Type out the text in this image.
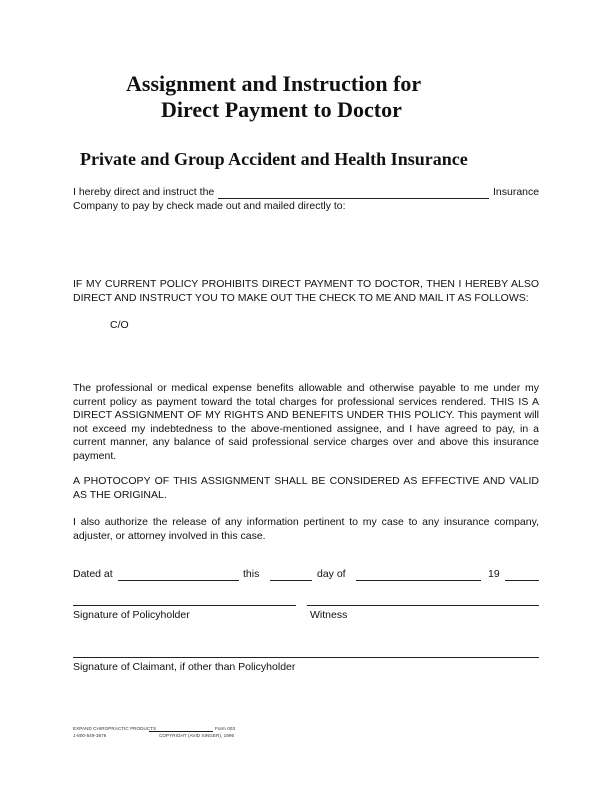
Assignment and Instruction for
Direct Payment to Doctor
Private and Group Accident and Health Insurance
I hereby direct and instruct the	Insurance
Company to pay by check made out and mailed directly to:
IF MY CURRENT POLICY PROHIBITS DIRECT PAYMENT TO DOCTOR, THEN I HEREBY ALSO DIRECT AND INSTRUCT YOU TO MAKE OUT THE CHECK TO ME AND MAIL IT AS FOLLOWS:
C/O
The professional or medical expense benefits allowable and otherwise payable to me under my current policy as payment toward the total charges for professional services rendered. THIS IS A DIRECT ASSIGNMENT OF MY RIGHTS AND BENEFITS UNDER THIS POLICY. This payment will not exceed my indebtedness to the above-mentioned assignee, and I have agreed to pay, in a current manner, any balance of said professional service charges over and above this insurance payment.
A PHOTOCOPY OF THIS ASSIGNMENT SHALL BE CONSIDERED AS EFFECTIVE AND VALID AS THE ORIGINAL.
I also authorize the release of any information pertinent to my case to any insurance company, adjuster, or attorney involved in this case.
Dated at	this	day of	19
Signature of Policyholder	Witness
Signature of Claimant, if other than Policyholder
EXPAND CHIROPRACTIC PRODUCTS	Form 003
1-800-549-3676	COPYRIGHT (AVID SINGER), 1996
